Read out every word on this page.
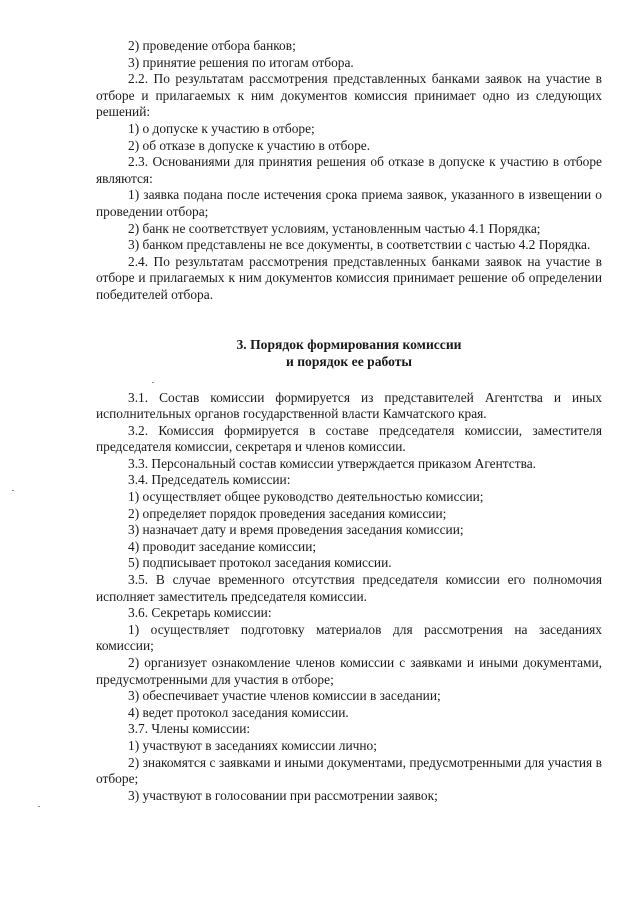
2) проведение отбора банков;

3) принятие решения по итогам отбора.

2.2. По результатам рассмотрения представленных банками заявок на участие в отборе и прилагаемых к ним документов комиссия принимает одно из следующих решений:

1) о допуске к участию в отборе;

2) об отказе в допуске к участию в отборе.

2.3. Основаниями для принятия решения об отказе в допуске к участию в отборе являются:

1) заявка подана после истечения срока приема заявок, указанного в извещении о проведении отбора;

2) банк не соответствует условиям, установленным частью 4.1 Порядка;

3) банком представлены не все документы, в соответствии с частью 4.2 Порядка.

2.4. По результатам рассмотрения представленных банками заявок на участие в отборе и прилагаемых к ним документов комиссия принимает решение об определении победителей отбора.

3. Порядок формирования комиссии

и порядок ее работы

3.1. Состав комиссии формируется из представителей Агентства и иных исполнительных органов государственной власти Камчатского края.

3.2. Комиссия формируется в составе председателя комиссии, заместителя председателя комиссии, секретаря и членов комиссии.

3.3. Персональный состав комиссии утверждается приказом Агентства.

3.4. Председатель комиссии:

1) осуществляет общее руководство деятельностью комиссии;

2) определяет порядок проведения заседания комиссии;

3) назначает дату и время проведения заседания комиссии;

4) проводит заседание комиссии;

5) подписывает протокол заседания комиссии.

3.5. В случае временного отсутствия председателя комиссии его полномочия исполняет заместитель председателя комиссии.

3.6. Секретарь комиссии:

1) осуществляет подготовку материалов для рассмотрения на заседаниях комиссии;

2) организует ознакомление членов комиссии с заявками и иными документами, предусмотренными для участия в отборе;

3) обеспечивает участие членов комиссии в заседании;

4) ведет протокол заседания комиссии.

3.7. Члены комиссии:

1) участвуют в заседаниях комиссии лично;

2) знакомятся с заявками и иными документами, предусмотренными для участия в отборе;

3) участвуют в голосовании при рассмотрении заявок;
